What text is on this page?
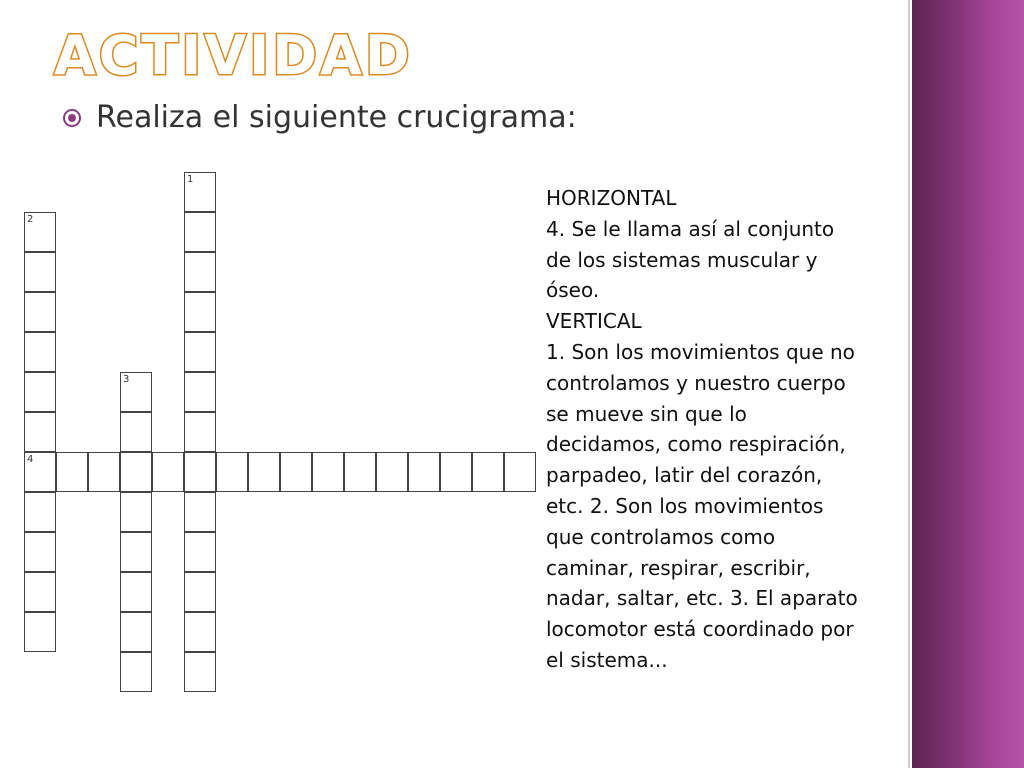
ACTIVIDAD
Realiza el siguiente crucigrama:
1
2
4
3
HORIZONTAL
4. Se le llama así al conjunto
de los sistemas muscular y
óseo.
VERTICAL
1. Son los movimientos que no
controlamos y nuestro cuerpo
se mueve sin que lo
decidamos, como respiración,
parpadeo, latir del corazón,
etc. 2. Son los movimientos
que controlamos como
caminar, respirar, escribir,
nadar, saltar, etc. 3. El aparato
locomotor está coordinado por
el sistema...
